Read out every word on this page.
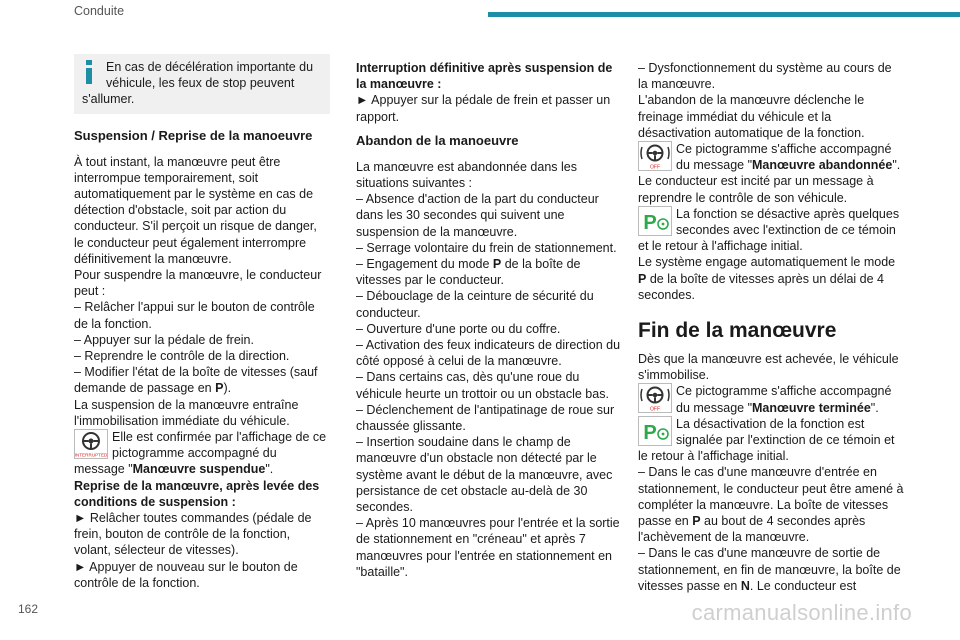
Conduite
En cas de décélération importante du
véhicule, les feux de stop peuvent
s'allumer.
Suspension / Reprise de la manoeuvre

À tout instant, la manœuvre peut être interrompue temporairement, soit automatiquement par le système en cas de détection d'obstacle, soit par action du conducteur. S'il perçoit un risque de danger, le conducteur peut également interrompre définitivement la manœuvre.

Pour suspendre la manœuvre, le conducteur peut :

– Relâcher l'appui sur le bouton de contrôle de la fonction.

– Appuyer sur la pédale de frein.

– Reprendre le contrôle de la direction.

– Modifier l'état de la boîte de vitesses (sauf demande de passage en P).

La suspension de la manœuvre entraîne l'immobilisation immédiate du véhicule.

INTERRUPTED
Elle est confirmée par l'affichage de ce pictogramme accompagné du message "Manœuvre suspendue".

Reprise de la manœuvre, après levée des conditions de suspension :

► Relâcher toutes commandes (pédale de frein, bouton de contrôle de la fonction, volant, sélecteur de vitesses).

► Appuyer de nouveau sur le bouton de contrôle de la fonction.

Interruption définitive après suspension de la manœuvre :

► Appuyer sur la pédale de frein et passer un rapport.

Abandon de la manoeuvre

La manœuvre est abandonnée dans les situations suivantes :

– Absence d'action de la part du conducteur dans les 30 secondes qui suivent une suspension de la manœuvre.

– Serrage volontaire du frein de stationnement.

– Engagement du mode P de la boîte de vitesses par le conducteur.

– Débouclage de la ceinture de sécurité du conducteur.

– Ouverture d'une porte ou du coffre.

– Activation des feux indicateurs de direction du côté opposé à celui de la manœuvre.

– Dans certains cas, dès qu'une roue du véhicule heurte un trottoir ou un obstacle bas.

– Déclenchement de l'antipatinage de roue sur chaussée glissante.

– Insertion soudaine dans le champ de manœuvre d'un obstacle non détecté par le système avant le début de la manœuvre, avec persistance de cet obstacle au-delà de 30 secondes.

– Après 10 manœuvres pour l'entrée et la sortie de stationnement en "créneau" et après 7 manœuvres pour l'entrée en stationnement en "bataille".

– Dysfonctionnement du système au cours de la manœuvre.

L'abandon de la manœuvre déclenche le freinage immédiat du véhicule et la désactivation automatique de la fonction.

OFF
Ce pictogramme s'affiche accompagné du message "Manœuvre abandonnée".

Le conducteur est incité par un message à reprendre le contrôle de son véhicule.

P La fonction se désactive après quelques secondes avec l'extinction de ce témoin et le retour à l'affichage initial.

Le système engage automatiquement le mode P de la boîte de vitesses après un délai de 4 secondes.

Fin de la manœuvre

Dès que la manœuvre est achevée, le véhicule s'immobilise.

OFF
Ce pictogramme s'affiche accompagné du message "Manœuvre terminée".
P La désactivation de la fonction est signalée par l'extinction de ce témoin et le retour à l'affichage initial.

– Dans le cas d'une manœuvre d'entrée en stationnement, le conducteur peut être amené à compléter la manœuvre. La boîte de vitesses passe en P au bout de 4 secondes après l'achèvement de la manœuvre.

– Dans le cas d'une manœuvre de sortie de stationnement, en fin de manœuvre, la boîte de vitesses passe en N. Le conducteur est

162	carmanualsonline.info
